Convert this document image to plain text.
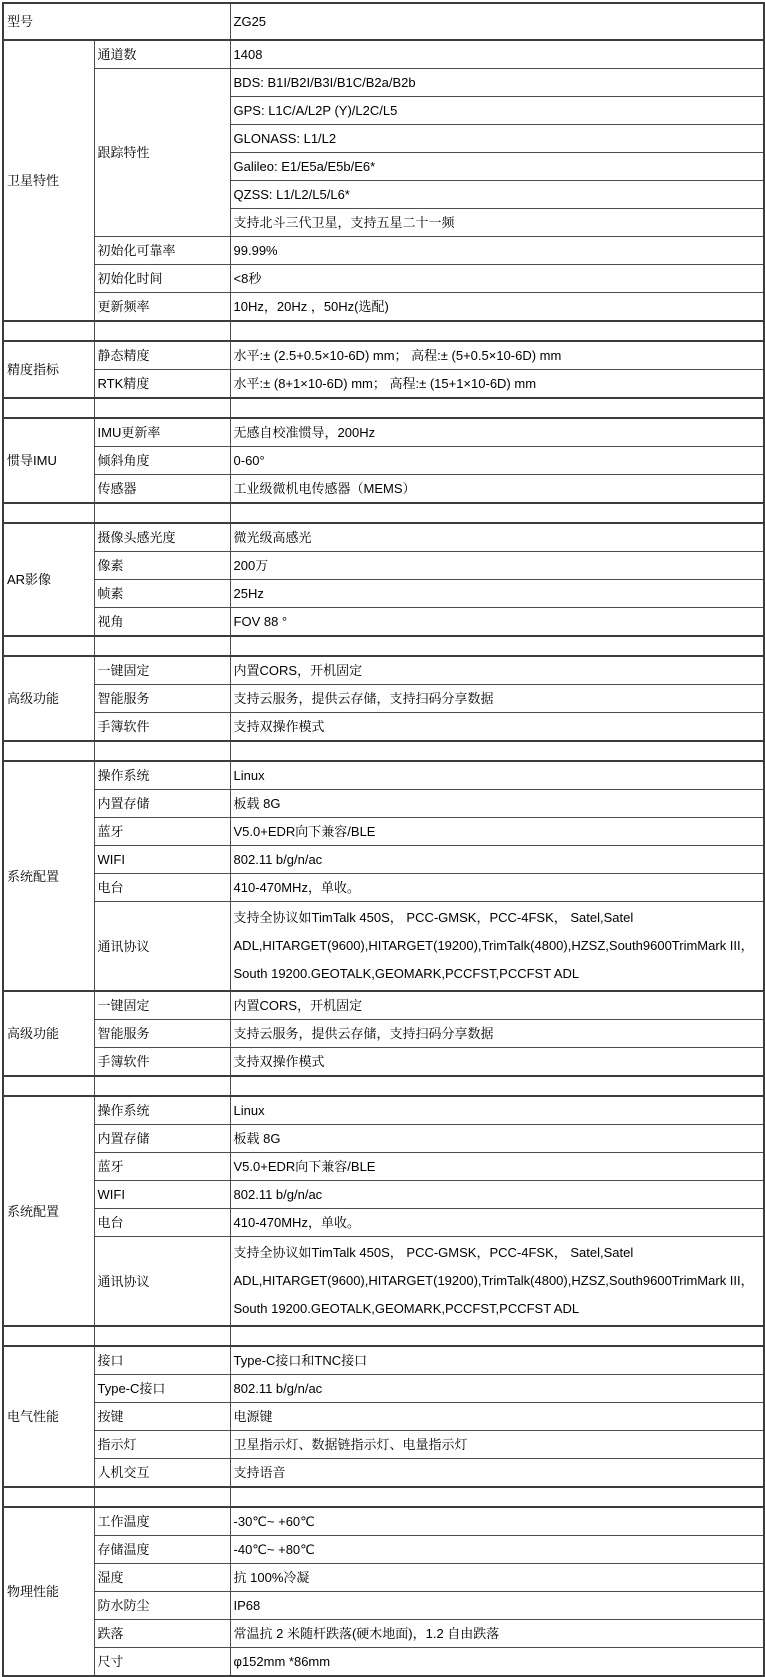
型号		ZG25
卫星特性	通道数	1408
	跟踪特性	BDS: B1I/B2I/B3I/B1C/B2a/B2b
		GPS: L1C/A/L2P (Y)/L2C/L5
		GLONASS: L1/L2
		Galileo: E1/E5a/E5b/E6*
		QZSS: L1/L2/L5/L6*
		支持北斗三代卫星，支持五星二十一频
	初始化可靠率	99.99%
	初始化时间	<8秒
	更新频率	10Hz，20Hz ，50Hz(选配)

精度指标	静态精度	水平:± (2.5+0.5×10-6D) mm； 高程:± (5+0.5×10-6D) mm
	RTK精度	水平:± (8+1×10-6D) mm； 高程:± (15+1×10-6D) mm

惯导IMU	IMU更新率	无感自校准惯导，200Hz
	倾斜角度	0-60°
	传感器	工业级微机电传感器（MEMS）

AR影像	摄像头感光度	微光级高感光
	像素	200万
	帧素	25Hz
	视角	FOV 88 °

高级功能	一键固定	内置CORS，开机固定
	智能服务	支持云服务，提供云存储，支持扫码分享数据
	手簿软件	支持双操作模式

系统配置	操作系统	Linux
	内置存储	板载 8G
	蓝牙	V5.0+EDR向下兼容/BLE
	WIFI	802.11 b/g/n/ac
	电台	410-470MHz，单收。
	通讯协议	支持全协议如TimTalk 450S， PCC-GMSK，PCC-4FSK， Satel,Satel ADL,HITARGET(9600),HITARGET(19200),TrimTalk(4800),HZSZ,South9600TrimMark III， South 19200.GEOTALK,GEOMARK,PCCFST,PCCFST ADL
高级功能	一键固定	内置CORS，开机固定
	智能服务	支持云服务，提供云存储，支持扫码分享数据
	手簿软件	支持双操作模式

系统配置	操作系统	Linux
	内置存储	板载 8G
	蓝牙	V5.0+EDR向下兼容/BLE
	WIFI	802.11 b/g/n/ac
	电台	410-470MHz，单收。
	通讯协议	支持全协议如TimTalk 450S， PCC-GMSK，PCC-4FSK， Satel,Satel ADL,HITARGET(9600),HITARGET(19200),TrimTalk(4800),HZSZ,South9600TrimMark III， South 19200.GEOTALK,GEOMARK,PCCFST,PCCFST ADL

电气性能	接口	Type-C接口和TNC接口
	Type-C接口	802.11 b/g/n/ac
	按键	电源键
	指示灯	卫星指示灯、数据链指示灯、电量指示灯
	人机交互	支持语音

物理性能	工作温度	-30℃~ +60℃
	存储温度	-40℃~ +80℃
	湿度	抗 100%冷凝
	防水防尘	IP68
	跌落	常温抗 2 米随杆跌落(硬木地面)，1.2 自由跌落
	尺寸	φ152mm *86mm
